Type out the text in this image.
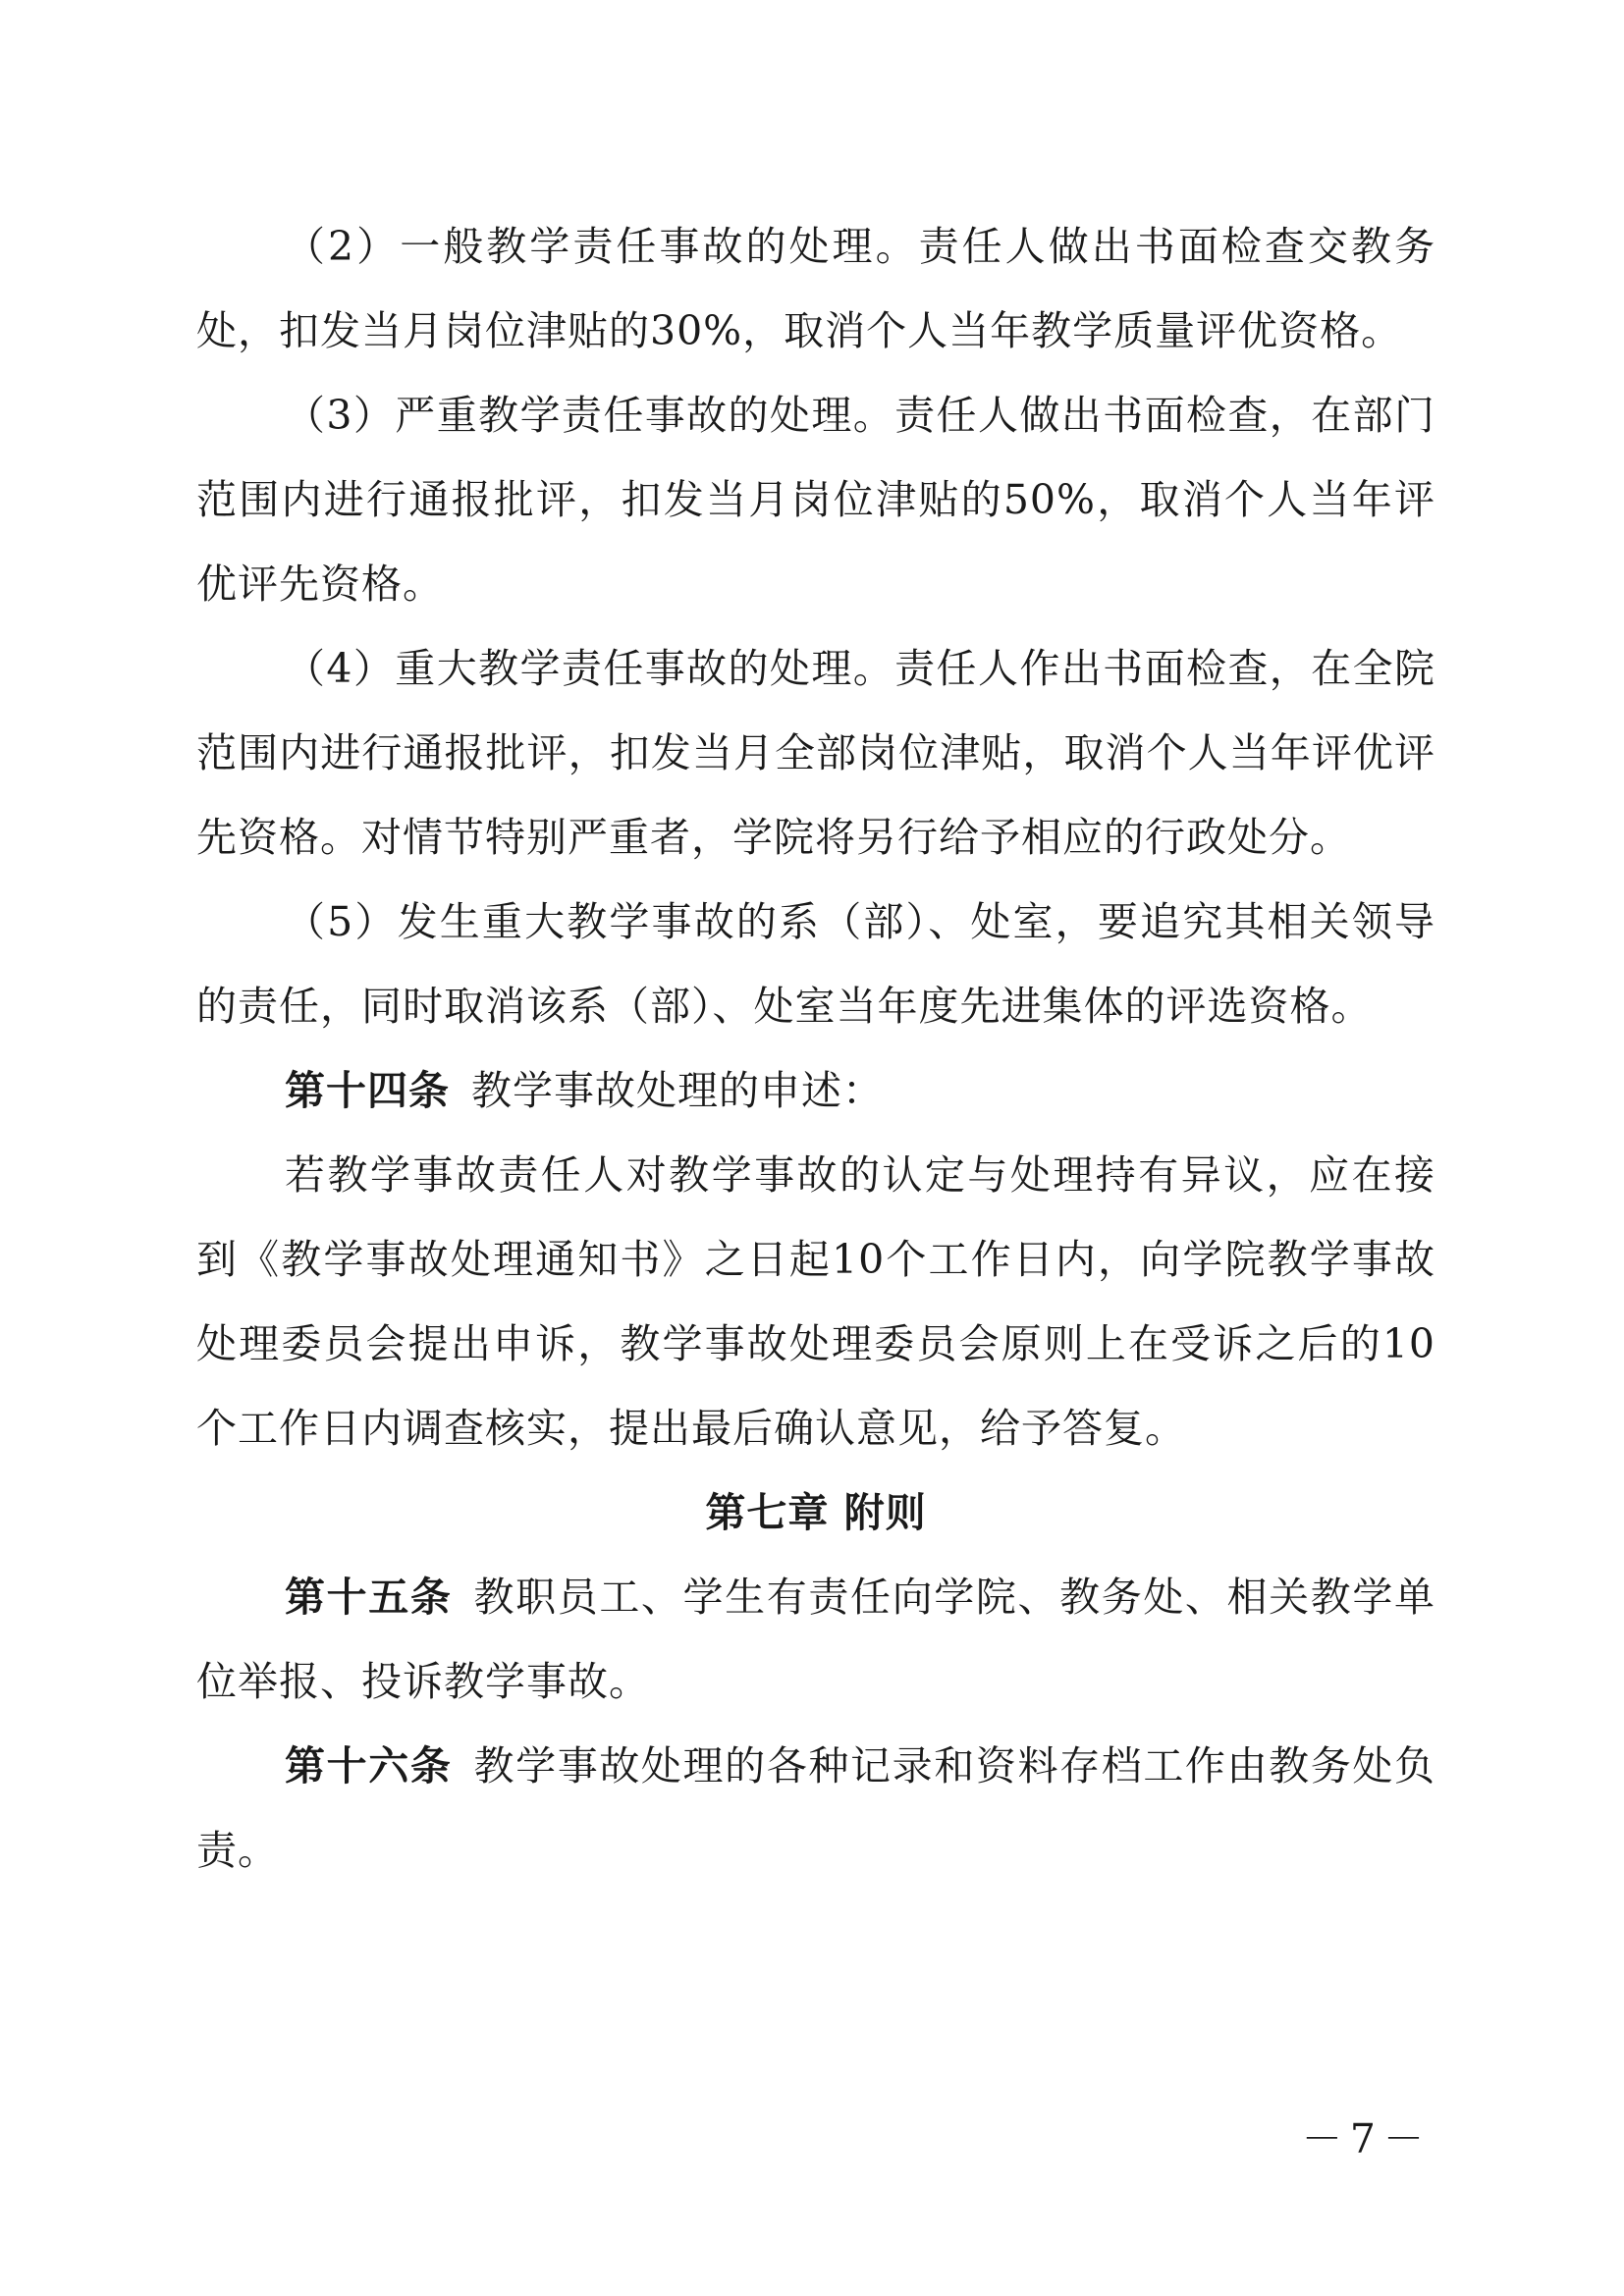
（2）一般教学责任事故的处理。责任人做出书面检查交教务处，扣发当月岗位津贴的30%，取消个人当年教学质量评优资格。

（3）严重教学责任事故的处理。责任人做出书面检查，在部门范围内进行通报批评，扣发当月岗位津贴的50%，取消个人当年评优评先资格。

（4）重大教学责任事故的处理。责任人作出书面检查，在全院范围内进行通报批评，扣发当月全部岗位津贴，取消个人当年评优评先资格。对情节特别严重者，学院将另行给予相应的行政处分。

（5）发生重大教学事故的系（部）、处室，要追究其相关领导的责任，同时取消该系（部）、处室当年度先进集体的评选资格。

第十四条 教学事故处理的申述：

若教学事故责任人对教学事故的认定与处理持有异议，应在接到《教学事故处理通知书》之日起10个工作日内，向学院教学事故处理委员会提出申诉，教学事故处理委员会原则上在受诉之后的10个工作日内调查核实，提出最后确认意见，给予答复。

第七章 附则

第十五条 教职员工、学生有责任向学院、教务处、相关教学单位举报、投诉教学事故。

第十六条 教学事故处理的各种记录和资料存档工作由教务处负责。

－7－
